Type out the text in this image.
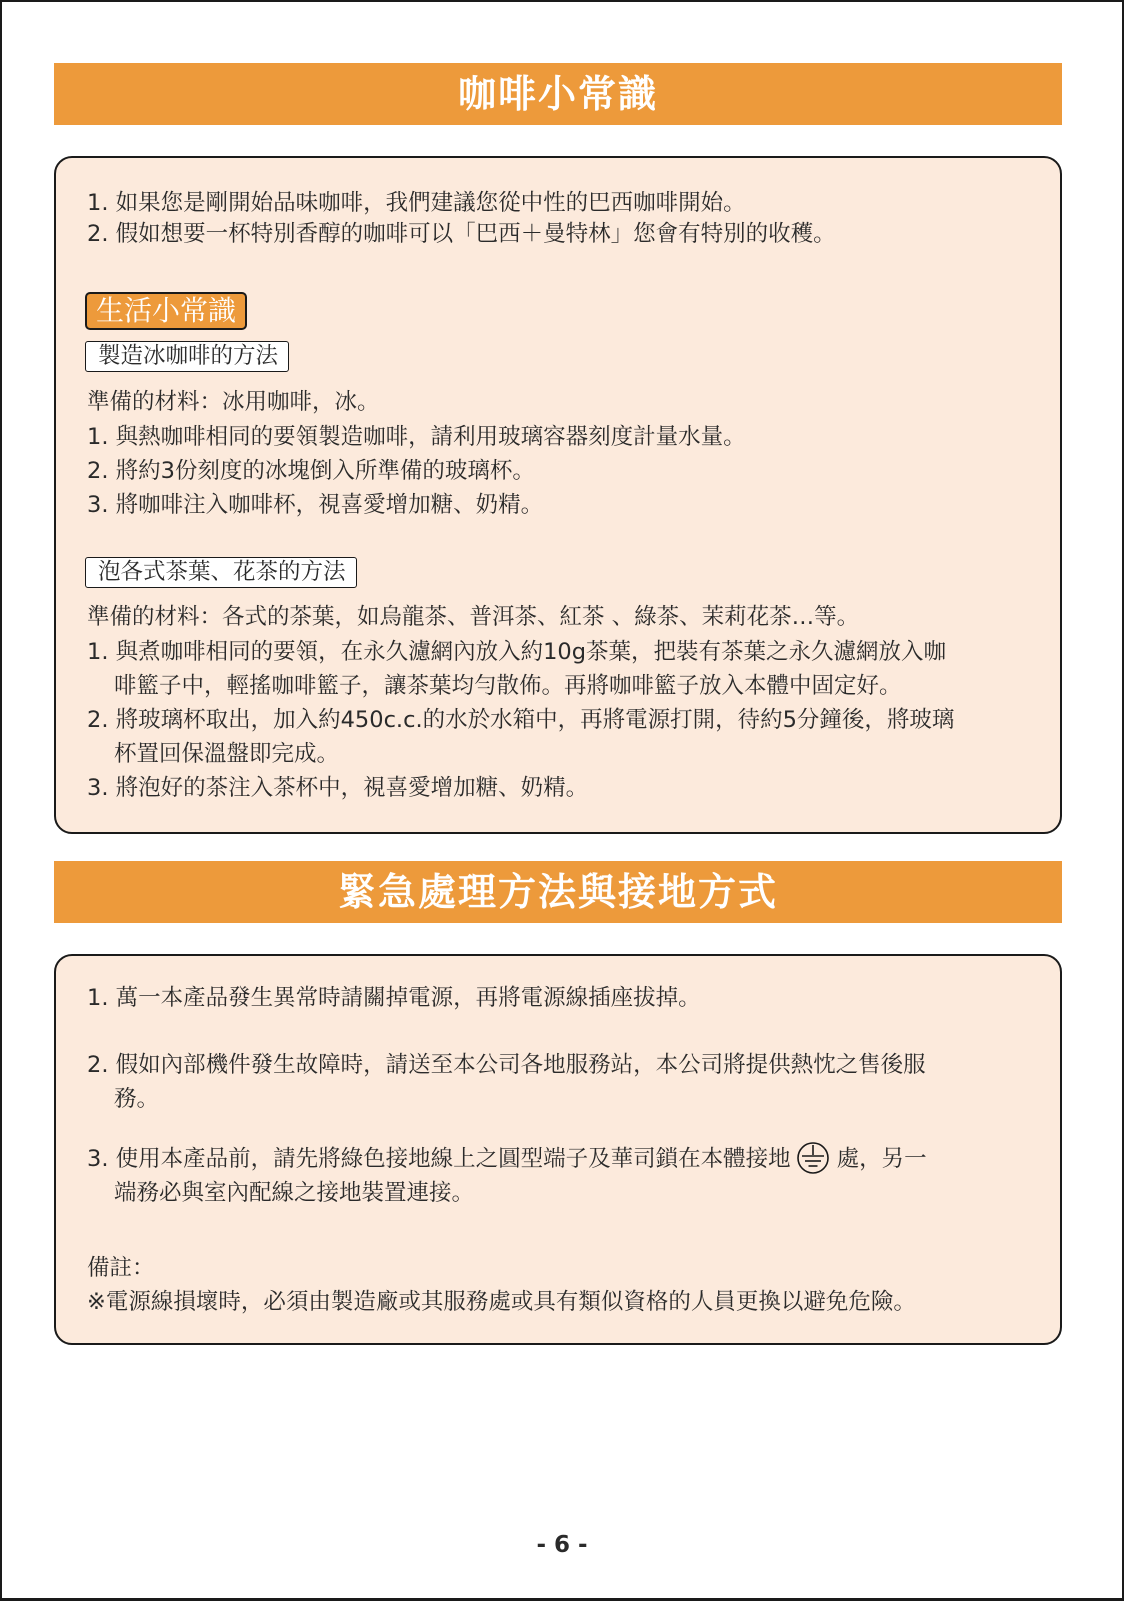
咖啡小常識
1. 如果您是剛開始品味咖啡，我們建議您從中性的巴西咖啡開始。
2. 假如想要一杯特別香醇的咖啡可以「巴西＋曼特林」您會有特別的收穫。
生活小常識
製造冰咖啡的方法
準備的材料：冰用咖啡，冰。
1. 與熱咖啡相同的要領製造咖啡，請利用玻璃容器刻度計量水量。
2. 將約3份刻度的冰塊倒入所準備的玻璃杯。
3. 將咖啡注入咖啡杯，視喜愛增加糖、奶精。
泡各式茶葉、花茶的方法
準備的材料：各式的茶葉，如烏龍茶、普洱茶、紅茶 、綠茶、茉莉花茶…等。
1. 與煮咖啡相同的要領，在永久濾網內放入約10g茶葉，把裝有茶葉之永久濾網放入咖
啡籃子中，輕搖咖啡籃子，讓茶葉均勻散佈。再將咖啡籃子放入本體中固定好。
2. 將玻璃杯取出，加入約450c.c.的水於水箱中，再將電源打開，待約5分鐘後，將玻璃
杯置回保溫盤即完成。
3. 將泡好的茶注入茶杯中，視喜愛增加糖、奶精。
緊急處理方法與接地方式
1. 萬一本產品發生異常時請關掉電源，再將電源線插座拔掉。
2. 假如內部機件發生故障時，請送至本公司各地服務站，本公司將提供熱忱之售後服
務。
3. 使用本產品前，請先將綠色接地線上之圓型端子及華司鎖在本體接地 處，另一
端務必與室內配線之接地裝置連接。
備註：
※電源線損壞時，必須由製造廠或其服務處或具有類似資格的人員更換以避免危險。
- 6 -
